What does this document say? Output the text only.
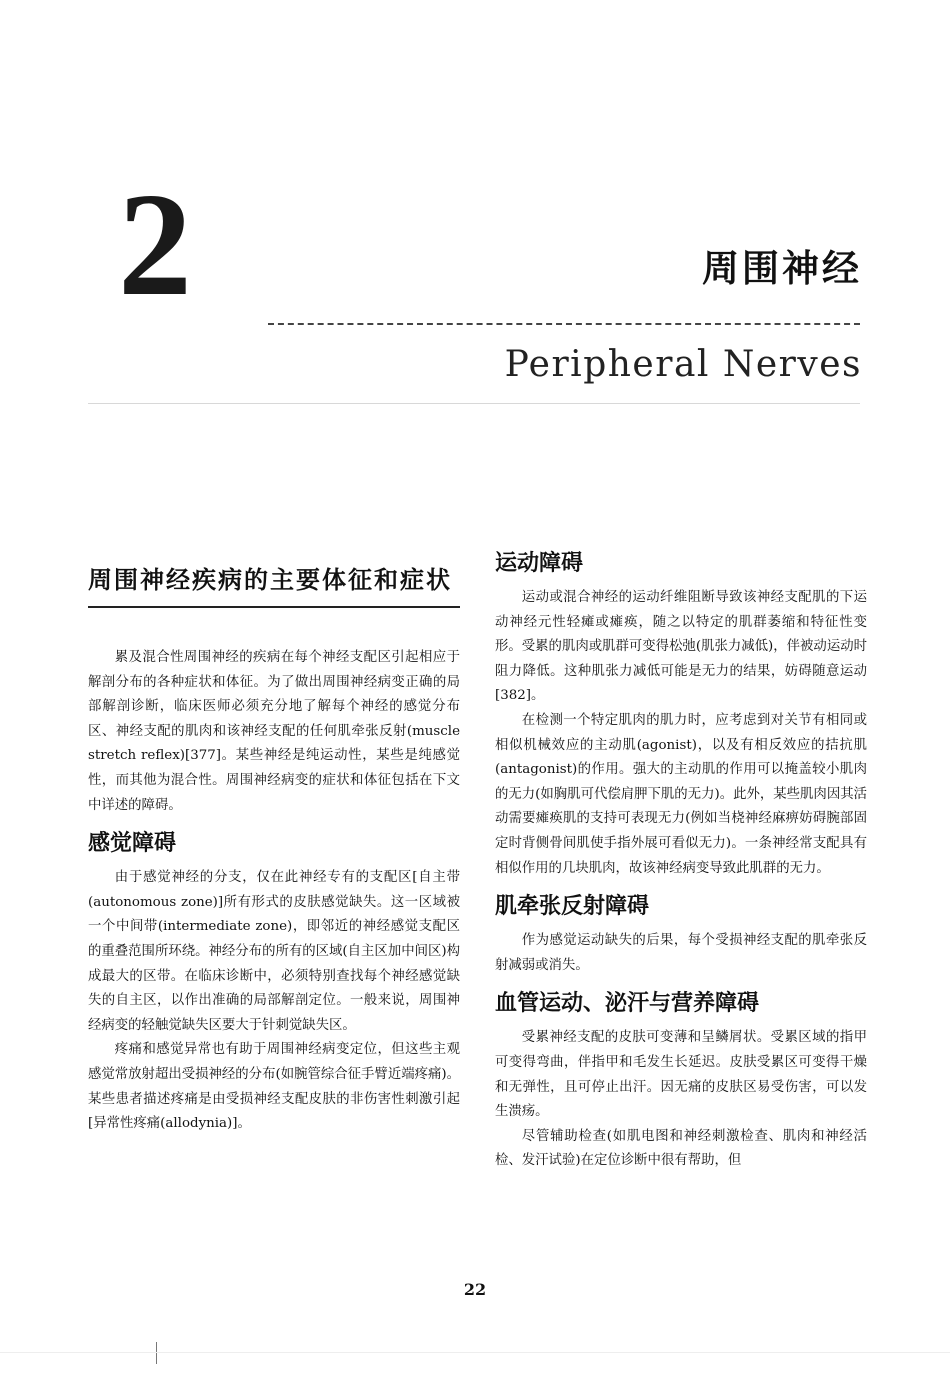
2	周围神经
Peripheral Nerves
周围神经疾病的主要体征和症状

累及混合性周围神经的疾病在每个神经支配区引起相应于解剖分布的各种症状和体征。为了做出周围神经病变正确的局部解剖诊断，临床医师必须充分地了解每个神经的感觉分布区、神经支配的肌肉和该神经支配的任何肌牵张反射(muscle stretch reflex)[377]。某些神经是纯运动性，某些是纯感觉性，而其他为混合性。周围神经病变的症状和体征包括在下文中详述的障碍。

感觉障碍

由于感觉神经的分支，仅在此神经专有的支配区[自主带(autonomous zone)]所有形式的皮肤感觉缺失。这一区域被一个中间带(intermediate zone)，即邻近的神经感觉支配区的重叠范围所环绕。神经分布的所有的区域(自主区加中间区)构成最大的区带。在临床诊断中，必须特别查找每个神经感觉缺失的自主区，以作出准确的局部解剖定位。一般来说，周围神经病变的轻触觉缺失区要大于针刺觉缺失区。

疼痛和感觉异常也有助于周围神经病变定位，但这些主观感觉常放射超出受损神经的分布(如腕管综合征手臂近端疼痛)。某些患者描述疼痛是由受损神经支配皮肤的非伤害性刺激引起[异常性疼痛(allodynia)]。

运动障碍

运动或混合神经的运动纤维阻断导致该神经支配肌的下运动神经元性轻瘫或瘫痪，随之以特定的肌群萎缩和特征性变形。受累的肌肉或肌群可变得松弛(肌张力减低)，伴被动运动时阻力降低。这种肌张力减低可能是无力的结果，妨碍随意运动[382]。

在检测一个特定肌肉的肌力时，应考虑到对关节有相同或相似机械效应的主动肌(agonist)，以及有相反效应的拮抗肌(antagonist)的作用。强大的主动肌的作用可以掩盖较小肌肉的无力(如胸肌可代偿肩胛下肌的无力)。此外，某些肌肉因其活动需要瘫痪肌的支持可表现无力(例如当桡神经麻痹妨碍腕部固定时背侧骨间肌使手指外展可看似无力)。一条神经常支配具有相似作用的几块肌肉，故该神经病变导致此肌群的无力。

肌牵张反射障碍

作为感觉运动缺失的后果，每个受损神经支配的肌牵张反射减弱或消失。

血管运动、泌汗与营养障碍

受累神经支配的皮肤可变薄和呈鳞屑状。受累区域的指甲可变得弯曲，伴指甲和毛发生长延迟。皮肤受累区可变得干燥和无弹性，且可停止出汗。因无痛的皮肤区易受伤害，可以发生溃疡。

尽管辅助检查(如肌电图和神经刺激检查、肌肉和神经活检、发汗试验)在定位诊断中很有帮助，但

22
